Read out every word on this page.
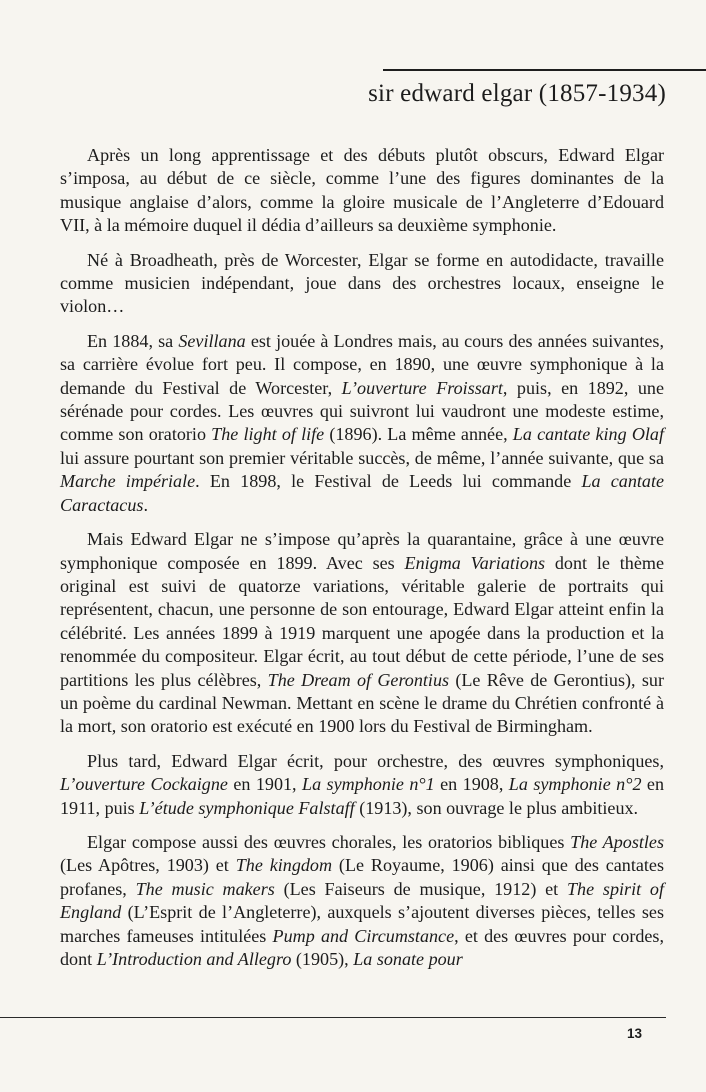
sir edward elgar (1857-1934)

Après un long apprentissage et des débuts plutôt obscurs, Edward Elgar s’imposa, au début de ce siècle, comme l’une des figures dominantes de la musique anglaise d’alors, comme la gloire musicale de l’Angleterre d’Edouard VII, à la mémoire duquel il dédia d’ailleurs sa deuxième symphonie.

Né à Broadheath, près de Worcester, Elgar se forme en autodidacte, travaille comme musicien indépendant, joue dans des orchestres locaux, enseigne le violon…

En 1884, sa Sevillana est jouée à Londres mais, au cours des années suivantes, sa carrière évolue fort peu. Il compose, en 1890, une œuvre symphonique à la demande du Festival de Worcester, L’ouverture Froissart, puis, en 1892, une sérénade pour cordes. Les œuvres qui suivront lui vaudront une modeste estime, comme son oratorio The light of life (1896). La même année, La cantate king Olaf lui assure pourtant son premier véritable succès, de même, l’année suivante, que sa Marche impériale. En 1898, le Festival de Leeds lui commande La cantate Caractacus.

Mais Edward Elgar ne s’impose qu’après la quarantaine, grâce à une œuvre symphonique composée en 1899. Avec ses Enigma Variations dont le thème original est suivi de quatorze variations, véritable galerie de portraits qui représentent, chacun, une personne de son entourage, Edward Elgar atteint enfin la célébrité. Les années 1899 à 1919 marquent une apogée dans la production et la renommée du compositeur. Elgar écrit, au tout début de cette période, l’une de ses partitions les plus célèbres, The Dream of Gerontius (Le Rêve de Gerontius), sur un poème du cardinal Newman. Mettant en scène le drame du Chrétien confronté à la mort, son oratorio est exécuté en 1900 lors du Festival de Birmingham.

Plus tard, Edward Elgar écrit, pour orchestre, des œuvres symphoniques, L’ouverture Cockaigne en 1901, La symphonie n°1 en 1908, La symphonie n°2 en 1911, puis L’étude symphonique Falstaff (1913), son ouvrage le plus ambitieux.

Elgar compose aussi des œuvres chorales, les oratorios bibliques The Apostles (Les Apôtres, 1903) et The kingdom (Le Royaume, 1906) ainsi que des cantates profanes, The music makers (Les Faiseurs de musique, 1912) et The spirit of England (L’Esprit de l’Angleterre), auxquels s’ajoutent diverses pièces, telles ses marches fameuses intitulées Pump and Circumstance, et des œuvres pour cordes, dont L’Introduction and Allegro (1905), La sonate pour

13
